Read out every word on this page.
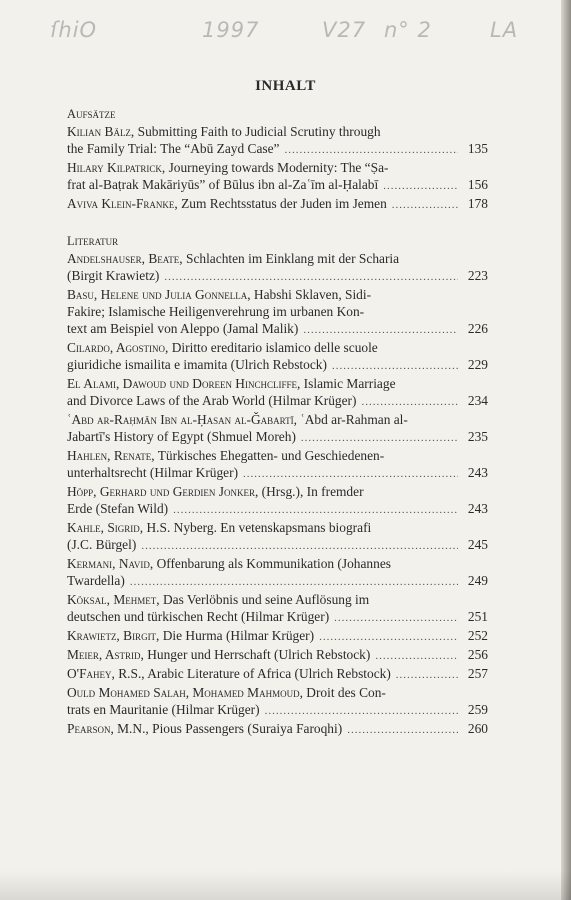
ſhiO	1997	V27 n° 2	LA
INHALT
Aufsätze
Kilian Bälz, Submitting Faith to Judicial Scrutiny through
the Family Trial: The “Abū Zayd Case” .....	135
Hilary Kilpatrick, Journeying towards Modernity: The “Ṣa-
frat al-Baṭrak Makāriyūs” of Būlus ibn al-Zaʿīm al-Ḥalabī .....	156
Aviva Klein-Franke, Zum Rechtsstatus der Juden im Jemen .....	178
Literatur
Andelshauser, Beate, Schlachten im Einklang mit der Scharia
(Birgit Krawietz) .....	223
Basu, Helene und Julia Gonnella, Habshi Sklaven, Sidi-
Fakire; Islamische Heiligenverehrung im urbanen Kon-
text am Beispiel von Aleppo (Jamal Malik) .....	226
Cilardo, Agostino, Diritto ereditario islamico delle scuole
giuridiche ismailita e imamita (Ulrich Rebstock) .....	229
El Alami, Dawoud und Doreen Hinchcliffe, Islamic Marriage
and Divorce Laws of the Arab World (Hilmar Krüger) .....	234
ʿAbd ar-Raḥmān Ibn al-Ḥasan al-Ǧabartī, ʿAbd ar-Rahman al-
Jabartī's History of Egypt (Shmuel Moreh) .....	235
Hahlen, Renate, Türkisches Ehegatten- und Geschiedenen-
unterhaltsrecht (Hilmar Krüger) .....	243
Höpp, Gerhard und Gerdien Jonker, (Hrsg.), In fremder
Erde (Stefan Wild) .....	243
Kahle, Sigrid, H.S. Nyberg. En vetenskapsmans biografi
(J.C. Bürgel) .....	245
Kermani, Navid, Offenbarung als Kommunikation (Johannes
Twardella) .....	249
Köksal, Mehmet, Das Verlöbnis und seine Auflösung im
deutschen und türkischen Recht (Hilmar Krüger) .....	251
Krawietz, Birgit, Die Hurma (Hilmar Krüger) .....	252
Meier, Astrid, Hunger und Herrschaft (Ulrich Rebstock) .....	256
O'Fahey, R.S., Arabic Literature of Africa (Ulrich Rebstock) .....	257
Ould Mohamed Salah, Mohamed Mahmoud, Droit des Con-
trats en Mauritanie (Hilmar Krüger) .....	259
Pearson, M.N., Pious Passengers (Suraiya Faroqhi) .....	260
